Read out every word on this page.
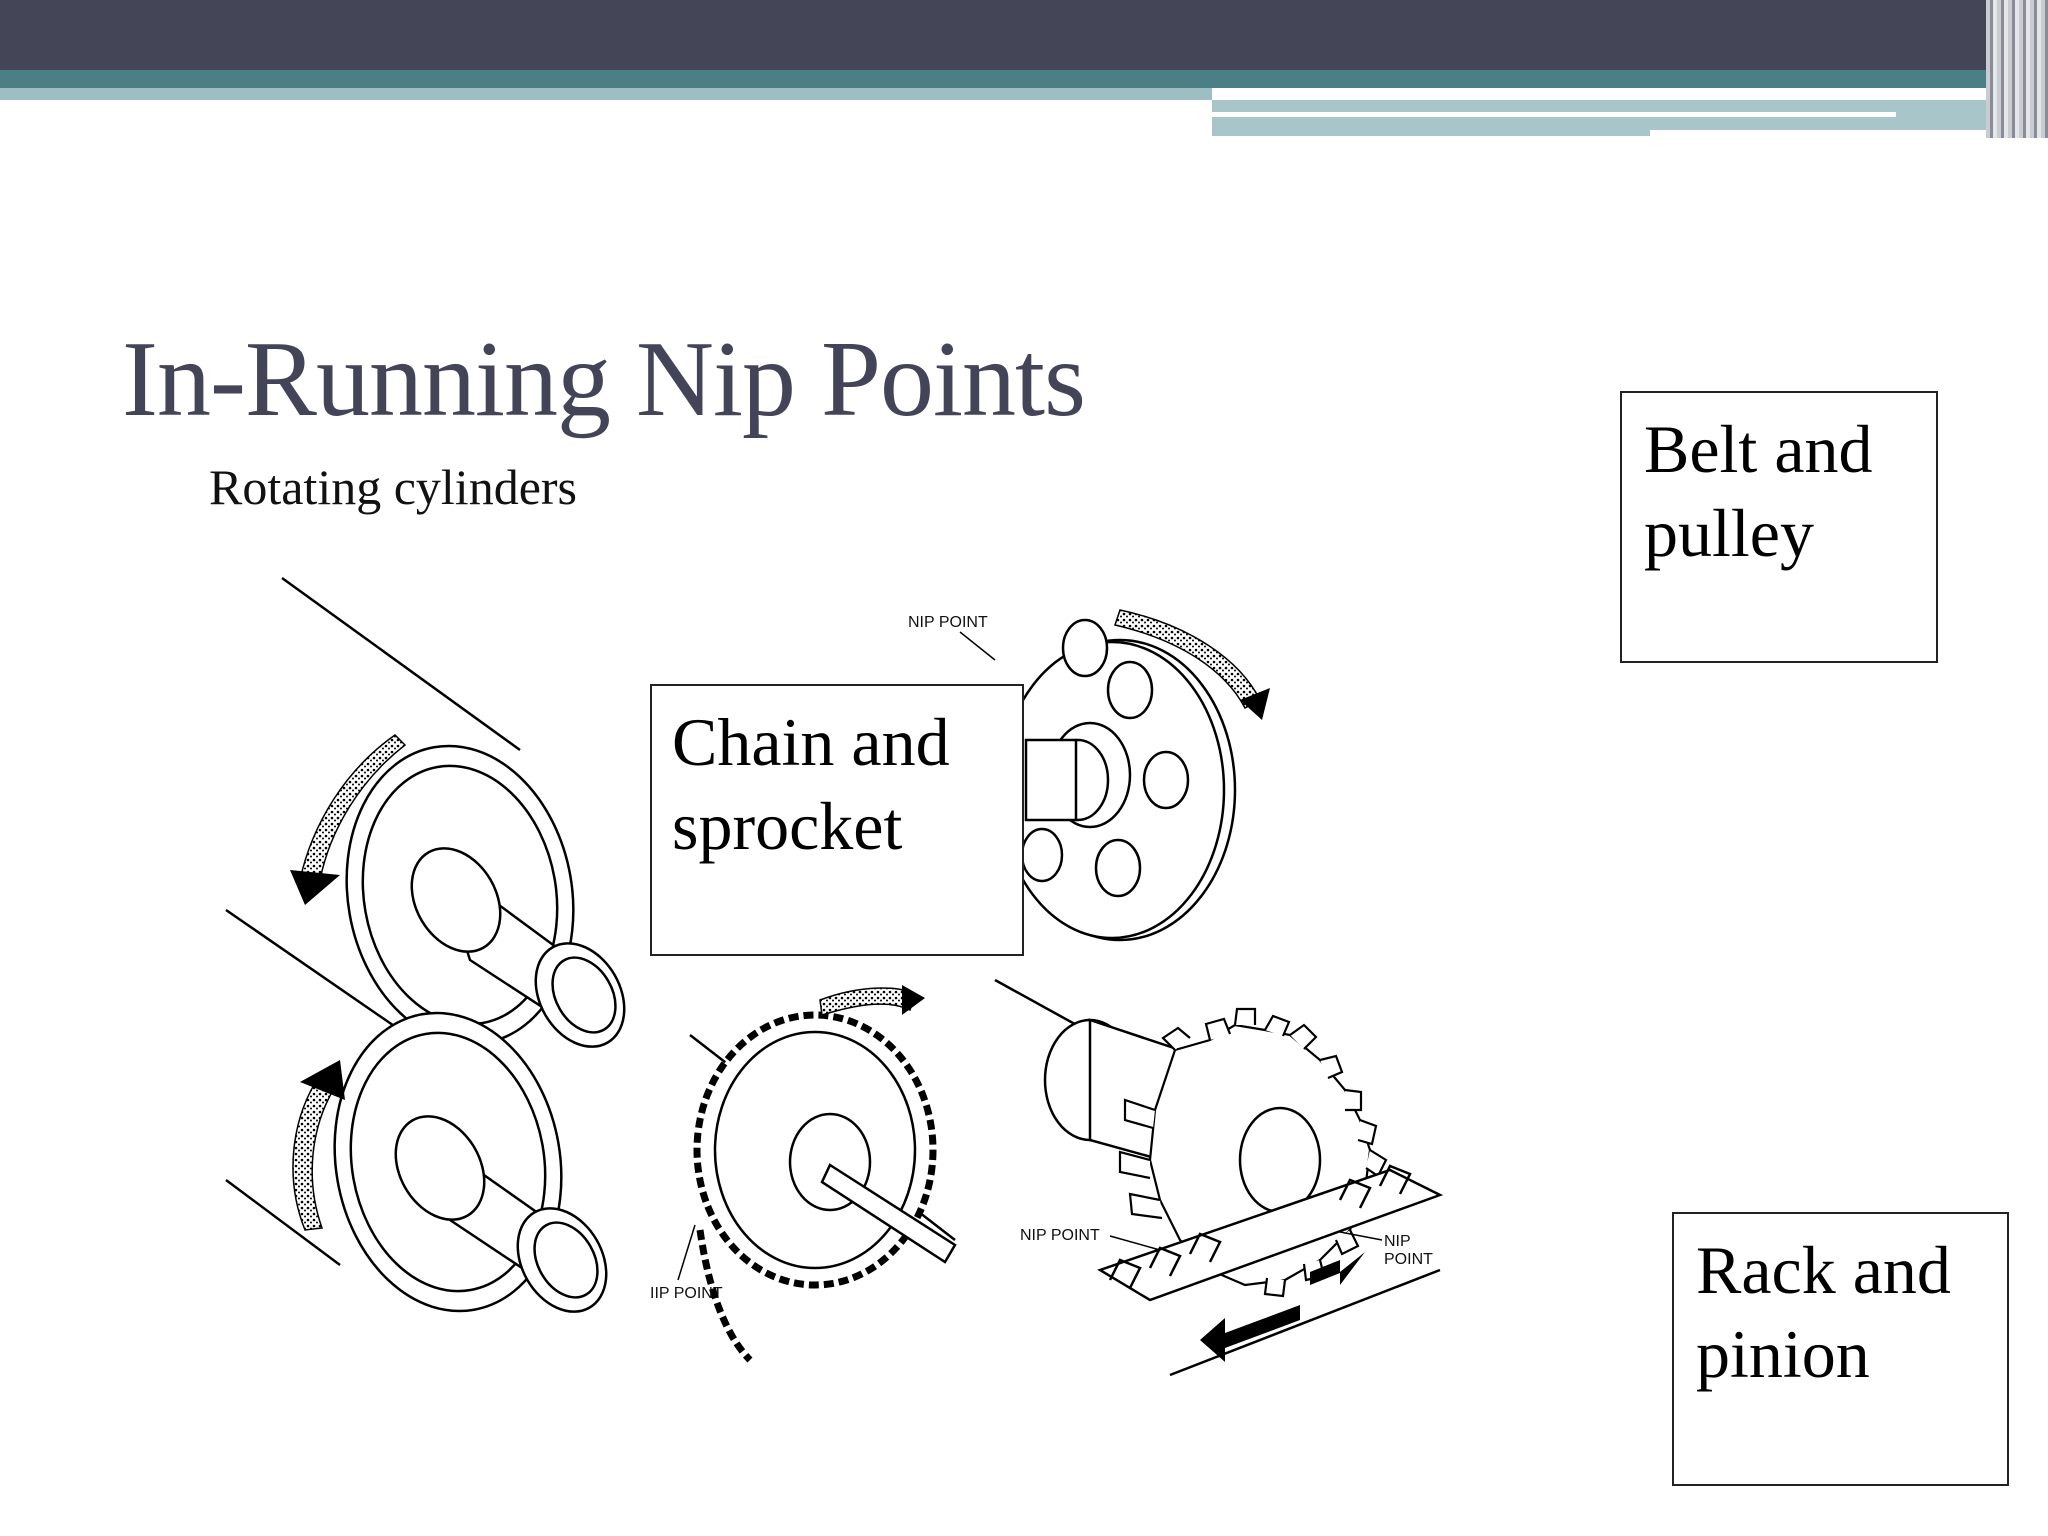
In-Running Nip Points
Rotating cylinders
NIP POINT
IIP POINT
NIP POINT	NIP
POINT
Chain and
sprocket
Belt and
pulley
Rack and
pinion
